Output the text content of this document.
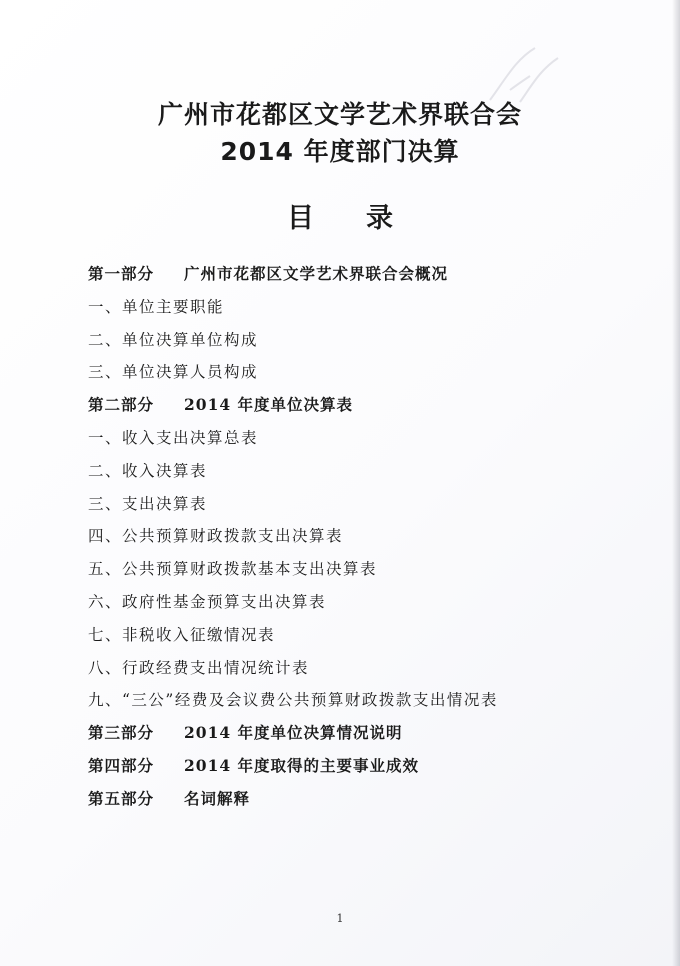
广州市花都区文学艺术界联合会
2014 年度部门决算
目录
第一部分 广州市花都区文学艺术界联合会概况
一、单位主要职能
二、单位决算单位构成
三、单位决算人员构成
第二部分 2014 年度单位决算表
一、收入支出决算总表
二、收入决算表
三、支出决算表
四、公共预算财政拨款支出决算表
五、公共预算财政拨款基本支出决算表
六、政府性基金预算支出决算表
七、非税收入征缴情况表
八、行政经费支出情况统计表
九、“三公”经费及会议费公共预算财政拨款支出情况表
第三部分 2014 年度单位决算情况说明
第四部分 2014 年度取得的主要事业成效
第五部分 名词解释
1
